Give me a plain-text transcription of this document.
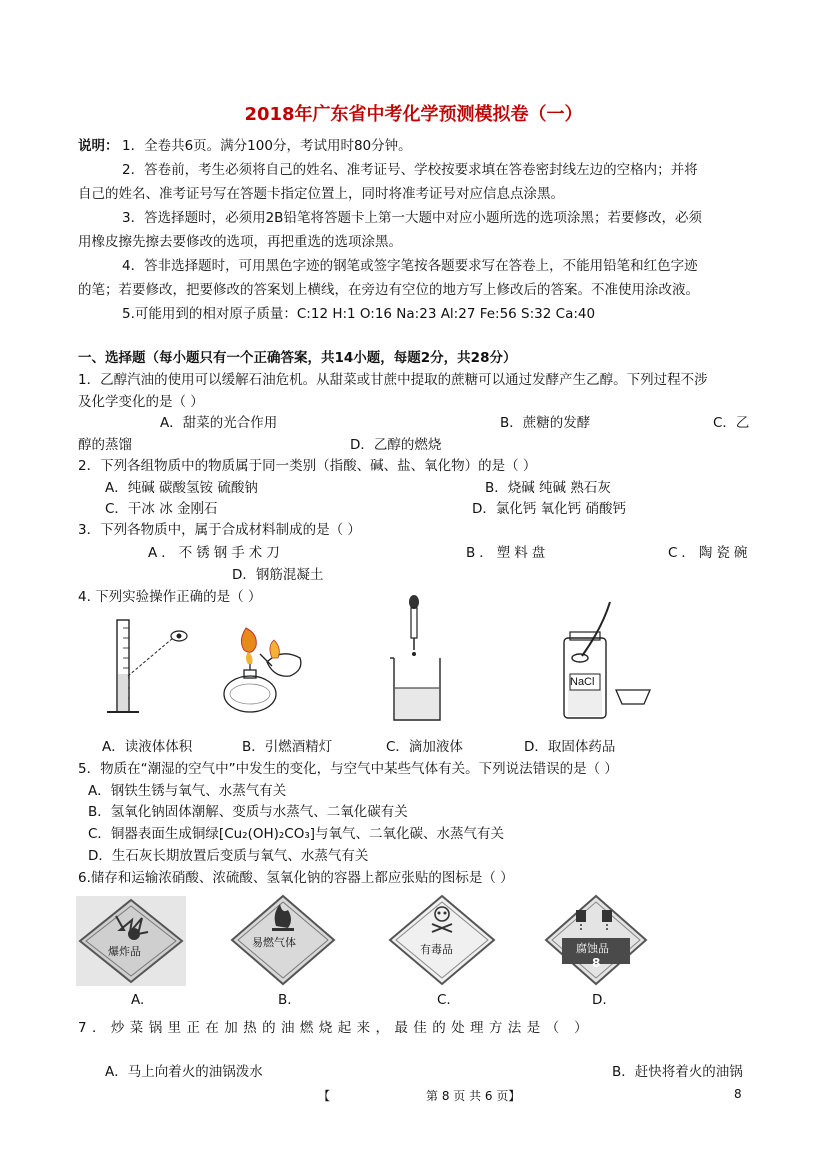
2018年广东省中考化学预测模拟卷（一）
说明： 1．全卷共6页。满分100分，考试用时80分钟。
2．答卷前，考生必须将自己的姓名、准考证号、学校按要求填在答卷密封线左边的空格内；并将
自己的姓名、准考证号写在答题卡指定位置上，同时将准考证号对应信息点涂黑。
3．答选择题时，必须用2B铅笔将答题卡上第一大题中对应小题所选的选项涂黑；若要修改，必须
用橡皮擦先擦去要修改的选项，再把重选的选项涂黑。
4．答非选择题时，可用黑色字迹的钢笔或签字笔按各题要求写在答卷上，不能用铅笔和红色字迹
的笔；若要修改，把要修改的答案划上横线，在旁边有空位的地方写上修改后的答案。不准使用涂改液。
5.可能用到的相对原子质量：C:12 H:1 O:16 Na:23 Al:27 Fe:56 S:32 Ca:40
一、选择题（每小题只有一个正确答案，共14小题，每题2分，共28分）
1．乙醇汽油的使用可以缓解石油危机。从甜菜或甘蔗中提取的蔗糖可以通过发酵产生乙醇。下列过程不涉
及化学变化的是（ ）
A．甜菜的光合作用	B．蔗糖的发酵	C．乙
醇的蒸馏	D．乙醇的燃烧
2．下列各组物质中的物质属于同一类别（指酸、碱、盐、氧化物）的是（ ）
A．纯碱 碳酸氢铵 硫酸钠	B．烧碱 纯碱 熟石灰
C．干冰 冰 金刚石	D．氯化钙 氧化钙 硝酸钙
3．下列各物质中，属于合成材料制成的是（ ）
A．不锈钢手术刀	B．塑料盘	C．陶瓷碗
D．钢筋混凝土
4. 下列实验操作正确的是（ ）
NaCl
A．读液体体积	B．引燃酒精灯	C．滴加液体	D．取固体药品
5．物质在“潮湿的空气中”中发生的变化，与空气中某些气体有关。下列说法错误的是（ ）
A．钢铁生锈与氧气、水蒸气有关
B．氢氧化钠固体潮解、变质与水蒸气、二氧化碳有关
C．铜器表面生成铜绿[Cu₂(OH)₂CO₃]与氧气、二氧化碳、水蒸气有关
D．生石灰长期放置后变质与氧气、水蒸气有关
6.储存和运输浓硝酸、浓硫酸、氢氧化钠的容器上都应张贴的图标是（ ）
爆炸品
易燃气体
有毒品	腐蚀品
8
A.	B.	C.	D.
7．炒菜锅里正在加热的油燃烧起来，最佳的处理方法是（ ）
A．马上向着火的油锅泼水	B．赶快将着火的油锅
【	第 8 页 共 6 页】	8
